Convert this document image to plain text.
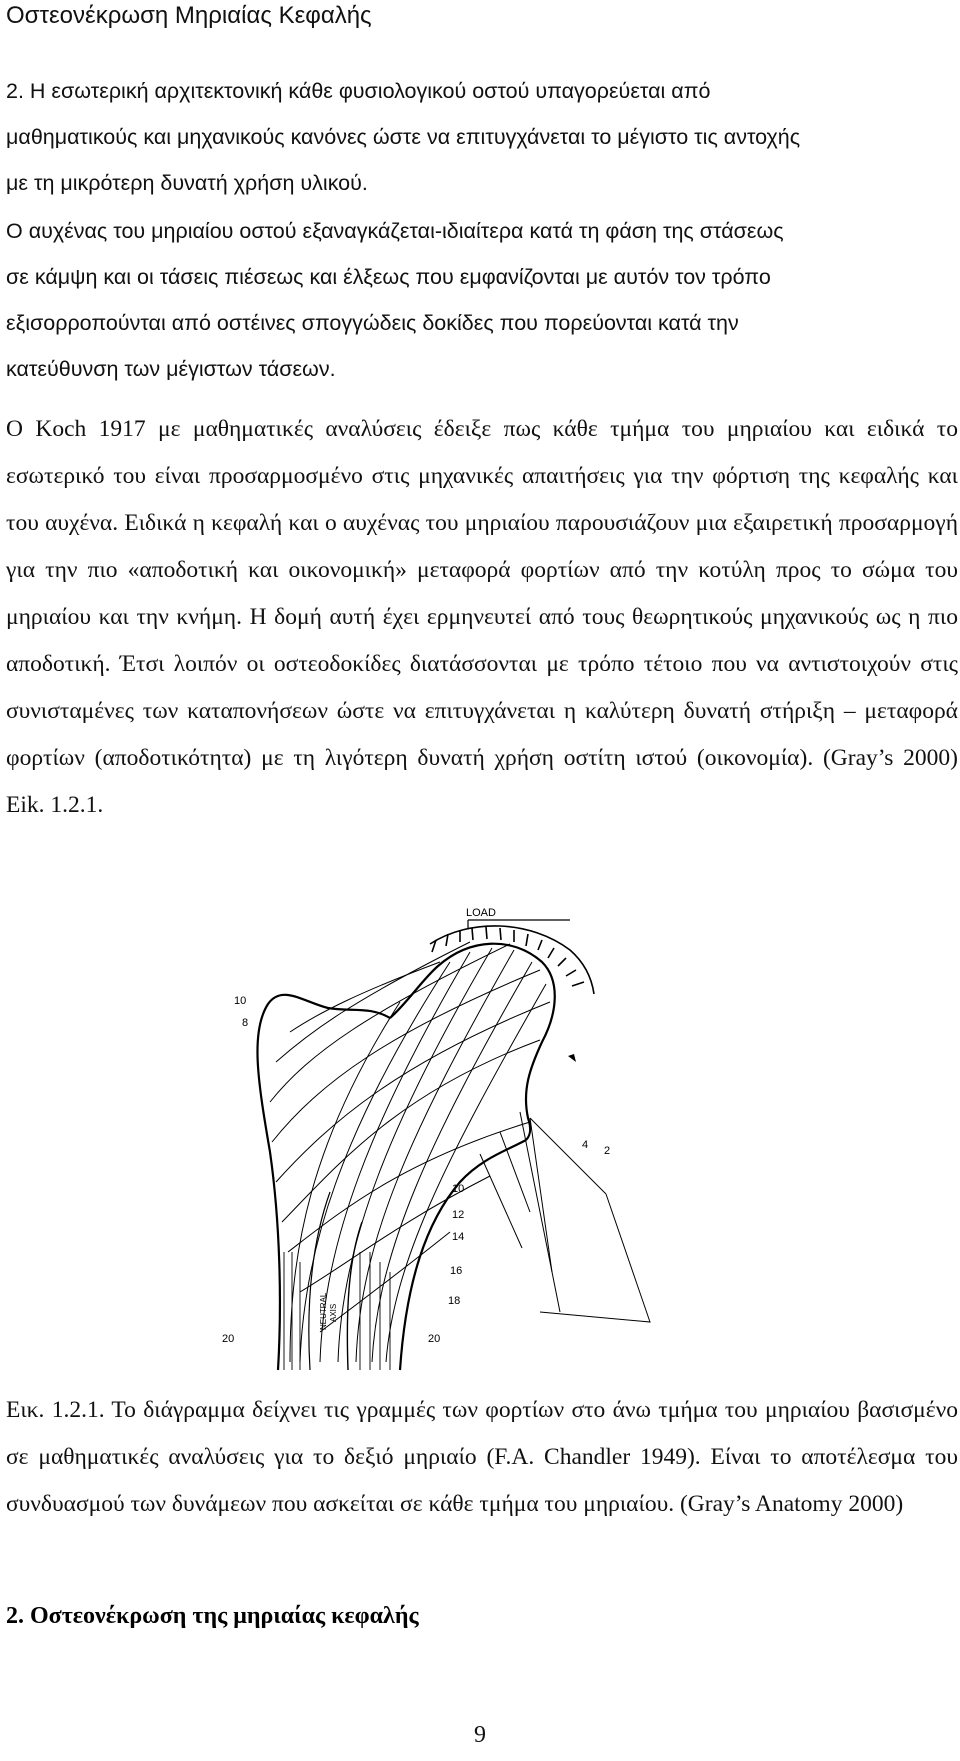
Οστεονέκρωση Μηριαίας Κεφαλής
2. Η εσωτερική αρχιτεκτονική κάθε φυσιολογικού οστού υπαγορεύεται από
μαθηματικούς και μηχανικούς κανόνες ώστε να επιτυγχάνεται το μέγιστο τις αντοχής
με τη μικρότερη δυνατή χρήση υλικού.
Ο αυχένας του μηριαίου οστού εξαναγκάζεται-ιδιαίτερα κατά τη φάση της στάσεως
σε κάμψη και οι τάσεις πιέσεως και έλξεως που εμφανίζονται με αυτόν τον τρόπο
εξισορροπούνται από οστέινες σπογγώδεις δοκίδες που πορεύονται κατά την
κατεύθυνση των μέγιστων τάσεων.
Ο Koch 1917 με μαθηματικές αναλύσεις έδειξε πως κάθε τμήμα του μηριαίου και ειδικά το εσωτερικό του είναι προσαρμοσμένο στις μηχανικές απαιτήσεις για την φόρτιση της κεφαλής και του αυχένα. Ειδικά η κεφαλή και ο αυχένας του μηριαίου παρουσιάζουν μια εξαιρετική προσαρμογή για την πιο «αποδοτική και οικονομική» μεταφορά φορτίων από την κοτύλη προς το σώμα του μηριαίου και την κνήμη. Η δομή αυτή έχει ερμηνευτεί από τους θεωρητικούς μηχανικούς ως η πιο αποδοτική. Έτσι λοιπόν οι οστεοδοκίδες διατάσσονται με τρόπο τέτοιο που να αντιστοιχούν στις συνισταμένες των καταπονήσεων ώστε να επιτυγχάνεται η καλύτερη δυνατή στήριξη – μεταφορά φορτίων (αποδοτικότητα) με τη λιγότερη δυνατή χρήση οστίτη ιστού (οικονομία). (Gray’s 2000) Eik. 1.2.1.
LOAD
10
8
4 2
10
12
14
16
18
20	20
NEUTRAL AXIS
Εικ. 1.2.1. Το διάγραμμα δείχνει τις γραμμές των φορτίων στο άνω τμήμα του μηριαίου βασισμένο σε μαθηματικές αναλύσεις για το δεξιό μηριαίο (F.A. Chandler 1949). Είναι το αποτέλεσμα του συνδυασμού των δυνάμεων που ασκείται σε κάθε τμήμα του μηριαίου. (Gray’s Anatomy 2000)
2. Οστεονέκρωση της μηριαίας κεφαλής
9
